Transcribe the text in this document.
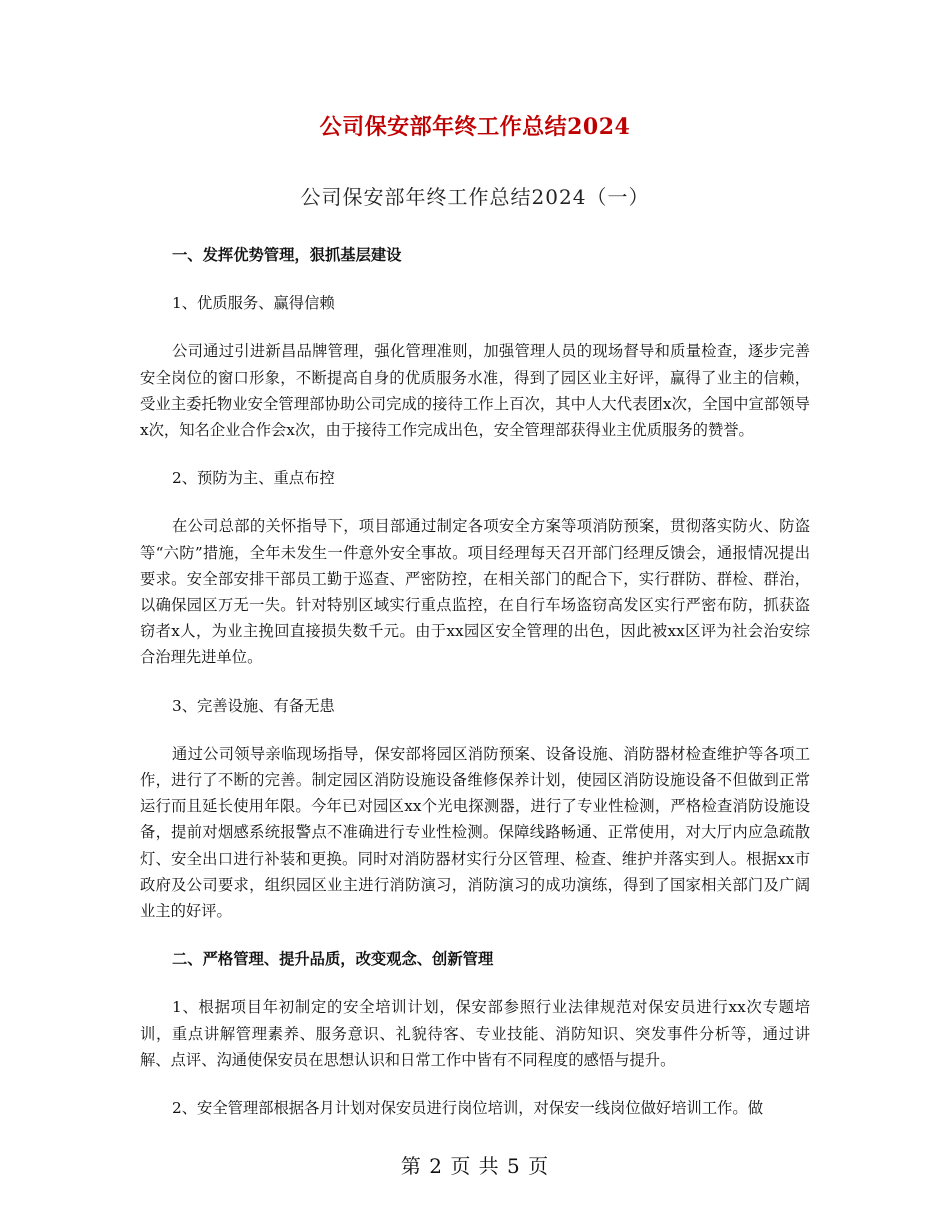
公司保安部年终工作总结2024
公司保安部年终工作总结2024（一）
一、发挥优势管理，狠抓基层建设
1、优质服务、赢得信赖
公司通过引进新昌品牌管理，强化管理准则，加强管理人员的现场督导和质量检查，逐步完善安全岗位的窗口形象，不断提高自身的优质服务水准，得到了园区业主好评，赢得了业主的信赖，受业主委托物业安全管理部协助公司完成的接待工作上百次，其中人大代表团x次，全国中宣部领导x次，知名企业合作会x次，由于接待工作完成出色，安全管理部获得业主优质服务的赞誉。
2、预防为主、重点布控
在公司总部的关怀指导下，项目部通过制定各项安全方案等项消防预案，贯彻落实防火、防盗等“六防”措施，全年未发生一件意外安全事故。项目经理每天召开部门经理反馈会，通报情况提出要求。安全部安排干部员工勤于巡查、严密防控，在相关部门的配合下，实行群防、群检、群治，以确保园区万无一失。针对特别区域实行重点监控，在自行车场盗窃高发区实行严密布防，抓获盗窃者x人，为业主挽回直接损失数千元。由于xx园区安全管理的出色，因此被xx区评为社会治安综合治理先进单位。
3、完善设施、有备无患
通过公司领导亲临现场指导，保安部将园区消防预案、设备设施、消防器材检查维护等各项工作，进行了不断的完善。制定园区消防设施设备维修保养计划，使园区消防设施设备不但做到正常运行而且延长使用年限。今年已对园区xx个光电探测器，进行了专业性检测，严格检查消防设施设备，提前对烟感系统报警点不准确进行专业性检测。保障线路畅通、正常使用，对大厅内应急疏散灯、安全出口进行补装和更换。同时对消防器材实行分区管理、检查、维护并落实到人。根据xx市政府及公司要求，组织园区业主进行消防演习，消防演习的成功演练，得到了国家相关部门及广阔业主的好评。
二、严格管理、提升品质，改变观念、创新管理
1、根据项目年初制定的安全培训计划，保安部参照行业法律规范对保安员进行xx次专题培训，重点讲解管理素养、服务意识、礼貌待客、专业技能、消防知识、突发事件分析等，通过讲解、点评、沟通使保安员在思想认识和日常工作中皆有不同程度的感悟与提升。
2、安全管理部根据各月计划对保安员进行岗位培训，对保安一线岗位做好培训工作。做
第 2 页 共 5 页
